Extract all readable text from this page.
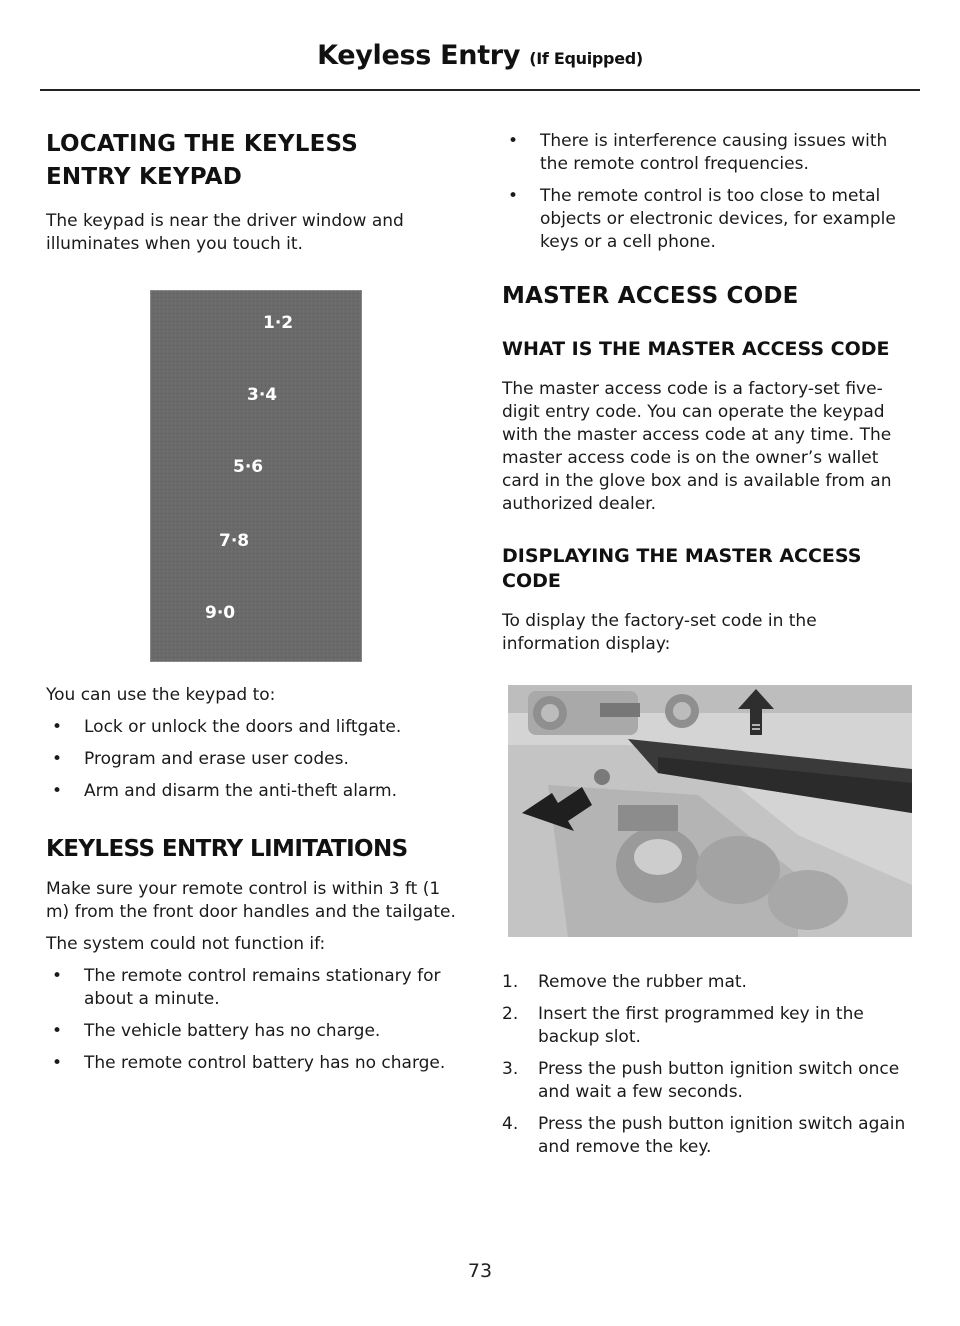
Keyless Entry (If Equipped)
LOCATING THE KEYLESS
ENTRY KEYPAD

The keypad is near the driver window and illuminates when you touch it.

1·2
3·4
5·6
7·8
9·0

You can use the keypad to:

• Lock or unlock the doors and liftgate.
• Program and erase user codes.
• Arm and disarm the anti-theft alarm.
KEYLESS ENTRY LIMITATIONS

Make sure your remote control is within 3 ft (1 m) from the front door handles and the tailgate.

The system could not function if:

• The remote control remains stationary for about a minute.
• The vehicle battery has no charge.
• The remote control battery has no charge.
• There is interference causing issues with the remote control frequencies.
• The remote control is too close to metal objects or electronic devices, for example keys or a cell phone.
MASTER ACCESS CODE
WHAT IS THE MASTER ACCESS CODE

The master access code is a factory-set five-digit entry code. You can operate the keypad with the master access code at any time. The master access code is on the owner’s wallet card in the glove box and is available from an authorized dealer.

DISPLAYING THE MASTER ACCESS CODE

To display the factory-set code in the information display:

1. Remove the rubber mat.
2. Insert the first programmed key in the backup slot.
3. Press the push button ignition switch once and wait a few seconds.
4. Press the push button ignition switch again and remove the key.
73
